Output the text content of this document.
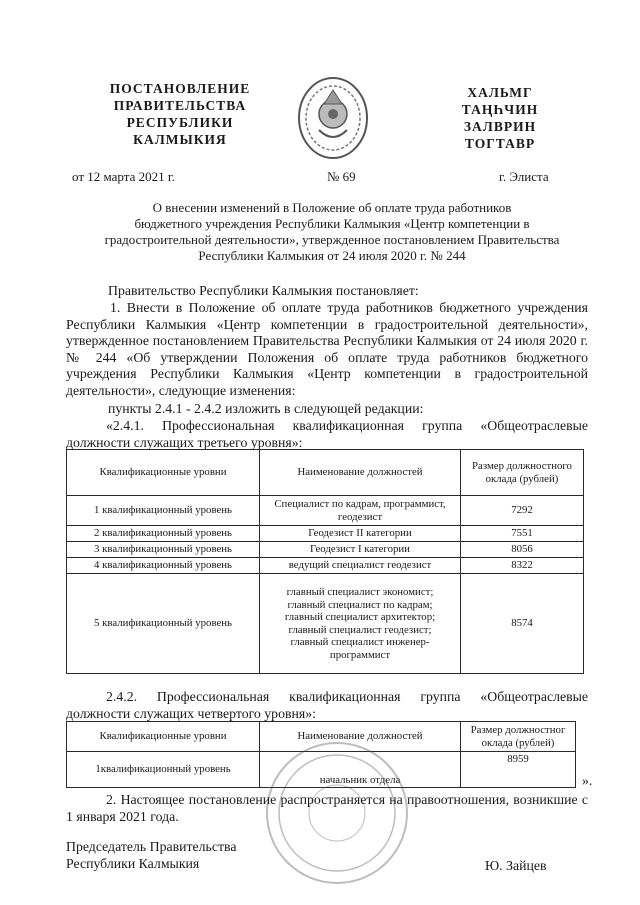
ПОСТАНОВЛЕНИЕ
ПРАВИТЕЛЬСТВА
РЕСПУБЛИКИ
КАЛМЫКИЯ
ХАЛЬМГ
ТАҢҺЧИН
ЗАЛВРИН
ТОГТАВР
от 12 марта 2021 г.	№ 69	г. Элиста
О внесении изменений в Положение об оплате труда работников
бюджетного учреждения Республики Калмыкия «Центр компетенции в
градостроительной деятельности», утвержденное постановлением Правительства
Республики Калмыкия от 24 июля 2020 г. № 244
Правительство Республики Калмыкия постановляет:
1. Внести в Положение об оплате труда работников бюджетного учреждения Республики Калмыкия «Центр компетенции в градостроительной деятельности», утвержденное постановлением Правительства Республики Калмыкия от 24 июля 2020 г. № 244 «Об утверждении Положения об оплате труда работников бюджетного учреждения Республики Калмыкия «Центр компетенции в градостроительной деятельности», следующие изменения:
пункты 2.4.1 - 2.4.2 изложить в следующей редакции:
«2.4.1. Профессиональная квалификационная группа «Общеотраслевые должности служащих третьего уровня»:
Квалификационные уровни	Наименование должностей	Размер должностного оклада (рублей)
1 квалификационный уровень	Специалист по кадрам, программист, геодезист	7292
2 квалификационный уровень	Геодезист II категории	7551
3 квалификационный уровень	Геодезист I категории	8056
4 квалификационный уровень	ведущий специалист геодезист	8322
5 квалификационный уровень	главный специалист экономист; главный специалист по кадрам; главный специалист архитектор; главный специалист геодезист; главный специалист инженер-программист	8574
2.4.2. Профессиональная квалификационная группа «Общеотраслевые должности служащих четвертого уровня»:
Квалификационные уровни	Наименование должностей	Размер должностног оклада (рублей)
1квалификационный уровень	начальник отдела	8959
».
2. Настоящее постановление распространяется на правоотношения, возникшие с 1 января 2021 года.
Председатель Правительства
Республики Калмыкия	Ю. Зайцев
